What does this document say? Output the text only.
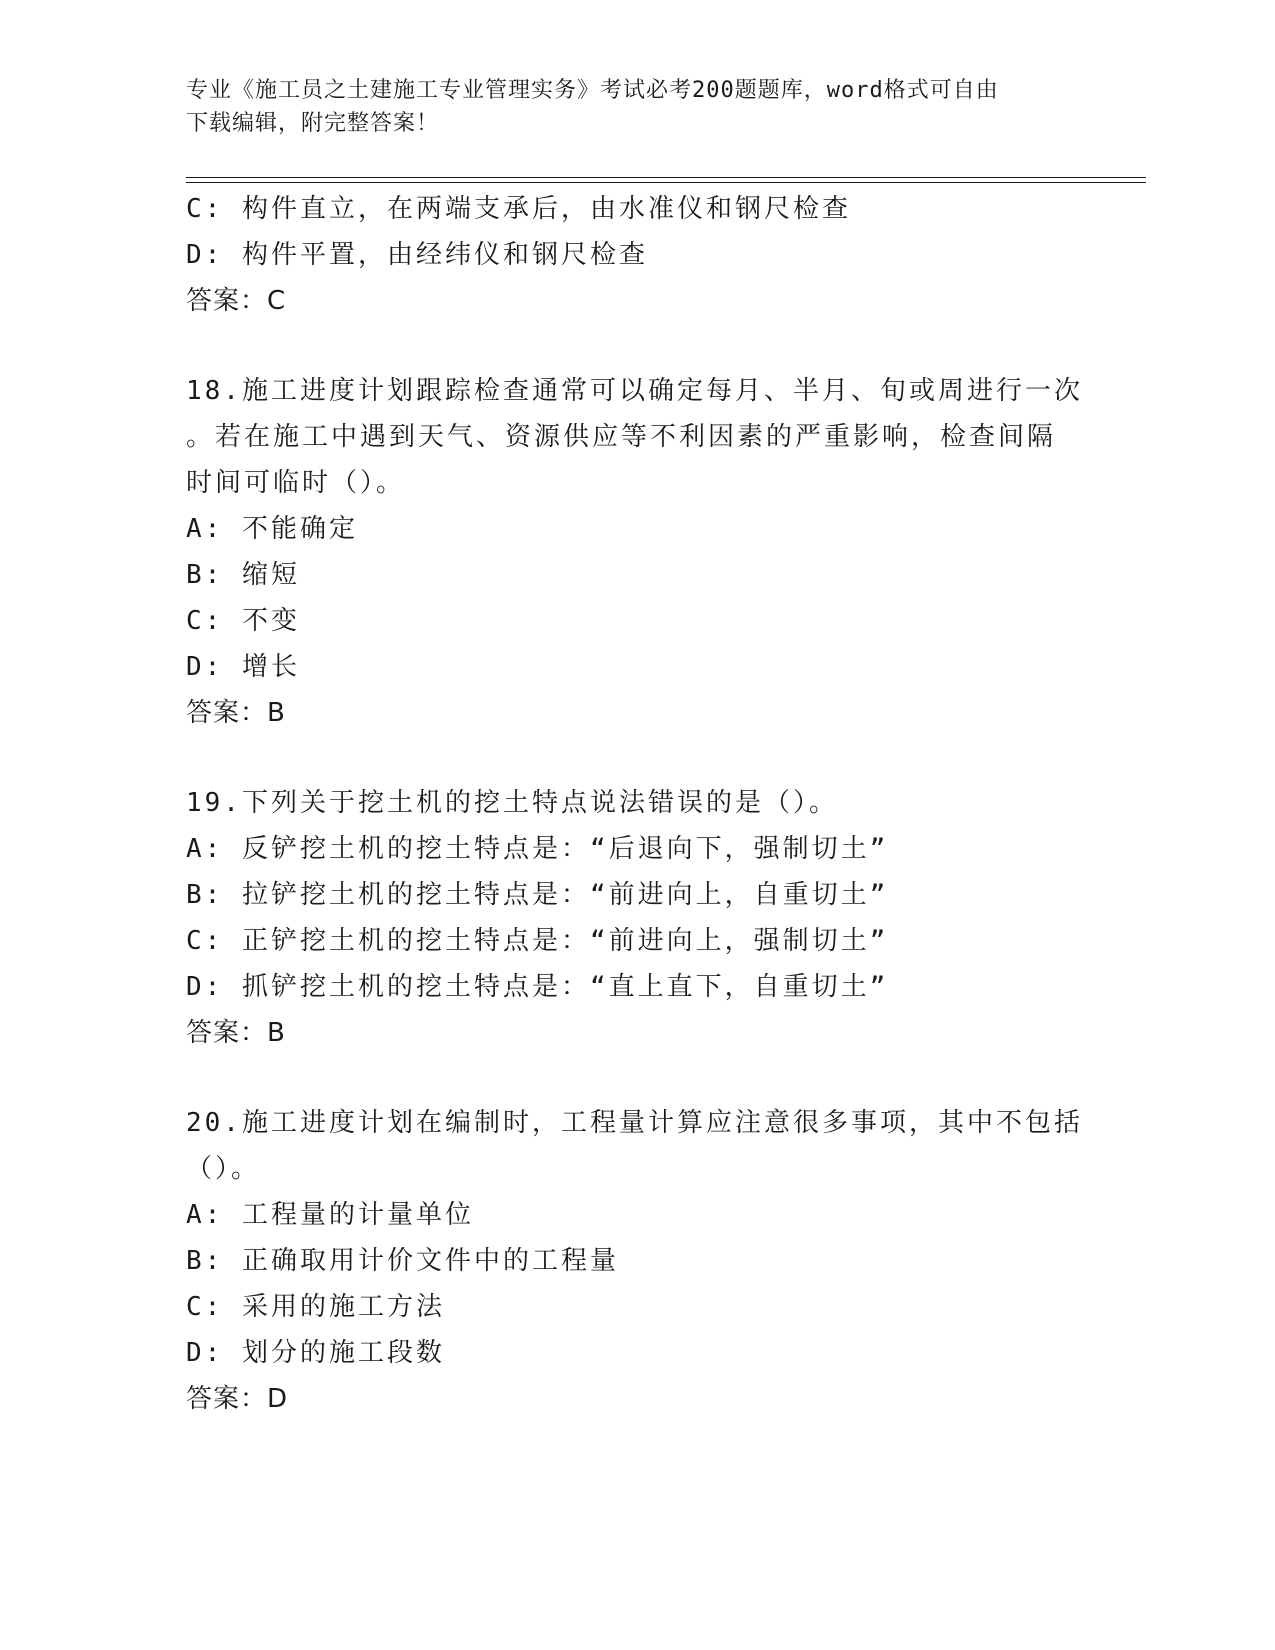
专业《施工员之土建施工专业管理实务》考试必考200题题库，word格式可自由
下载编辑，附完整答案！
C: 构件直立，在两端支承后，由水准仪和钢尺检查
D: 构件平置，由经纬仪和钢尺检查
答案：C
18.施工进度计划跟踪检查通常可以确定每月、半月、旬或周进行一次
。若在施工中遇到天气、资源供应等不利因素的严重影响，检查间隔
时间可临时（）。
A: 不能确定
B: 缩短
C: 不变
D: 增长
答案：B
19.下列关于挖土机的挖土特点说法错误的是（）。
A: 反铲挖土机的挖土特点是：“后退向下，强制切土”
B: 拉铲挖土机的挖土特点是：“前进向上，自重切土”
C: 正铲挖土机的挖土特点是：“前进向上，强制切土”
D: 抓铲挖土机的挖土特点是：“直上直下，自重切土”
答案：B
20.施工进度计划在编制时，工程量计算应注意很多事项，其中不包括
（）。
A: 工程量的计量单位
B: 正确取用计价文件中的工程量
C: 采用的施工方法
D: 划分的施工段数
答案：D
